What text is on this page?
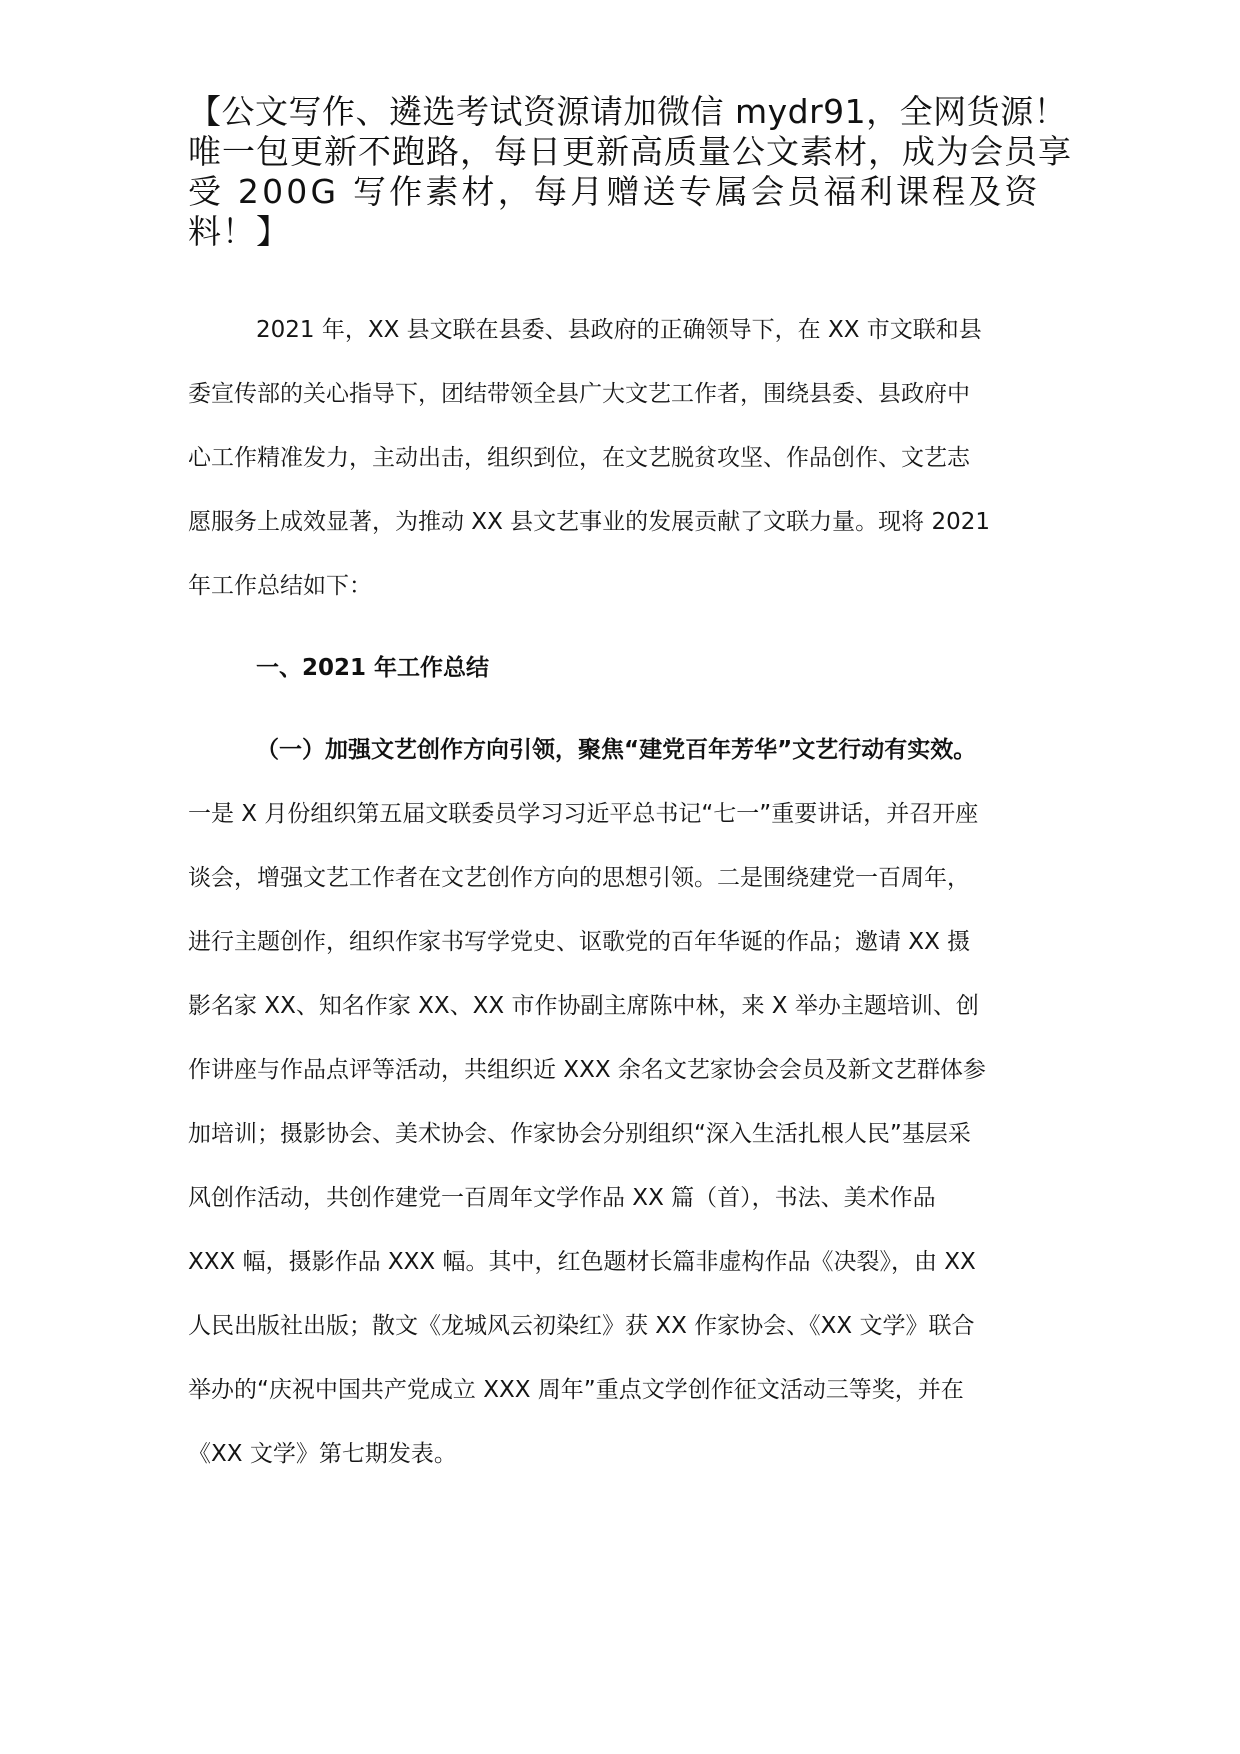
【公文写作、遴选考试资源请加微信 mydr91，全网货源！
唯一包更新不跑路，每日更新高质量公文素材，成为会员享
受 200G 写作素材，每月赠送专属会员福利课程及资
料！】
2021 年，XX 县文联在县委、县政府的正确领导下，在 XX 市文联和县
委宣传部的关心指导下，团结带领全县广大文艺工作者，围绕县委、县政府中
心工作精准发力，主动出击，组织到位，在文艺脱贫攻坚、作品创作、文艺志
愿服务上成效显著，为推动 XX 县文艺事业的发展贡献了文联力量。现将 2021
年工作总结如下：
一、2021 年工作总结
（一）加强文艺创作方向引领，聚焦“建党百年芳华”文艺行动有实效。
一是 X 月份组织第五届文联委员学习习近平总书记“七一”重要讲话，并召开座
谈会，增强文艺工作者在文艺创作方向的思想引领。二是围绕建党一百周年，
进行主题创作，组织作家书写学党史、讴歌党的百年华诞的作品；邀请 XX 摄
影名家 XX、知名作家 XX、XX 市作协副主席陈中林，来 X 举办主题培训、创
作讲座与作品点评等活动，共组织近 XXX 余名文艺家协会会员及新文艺群体参
加培训；摄影协会、美术协会、作家协会分别组织“深入生活扎根人民”基层采
风创作活动，共创作建党一百周年文学作品 XX 篇（首），书法、美术作品
XXX 幅，摄影作品 XXX 幅。其中，红色题材长篇非虚构作品《决裂》，由 XX
人民出版社出版；散文《龙城风云初染红》获 XX 作家协会、《XX 文学》联合
举办的“庆祝中国共产党成立 XXX 周年”重点文学创作征文活动三等奖，并在
《XX 文学》第七期发表。
